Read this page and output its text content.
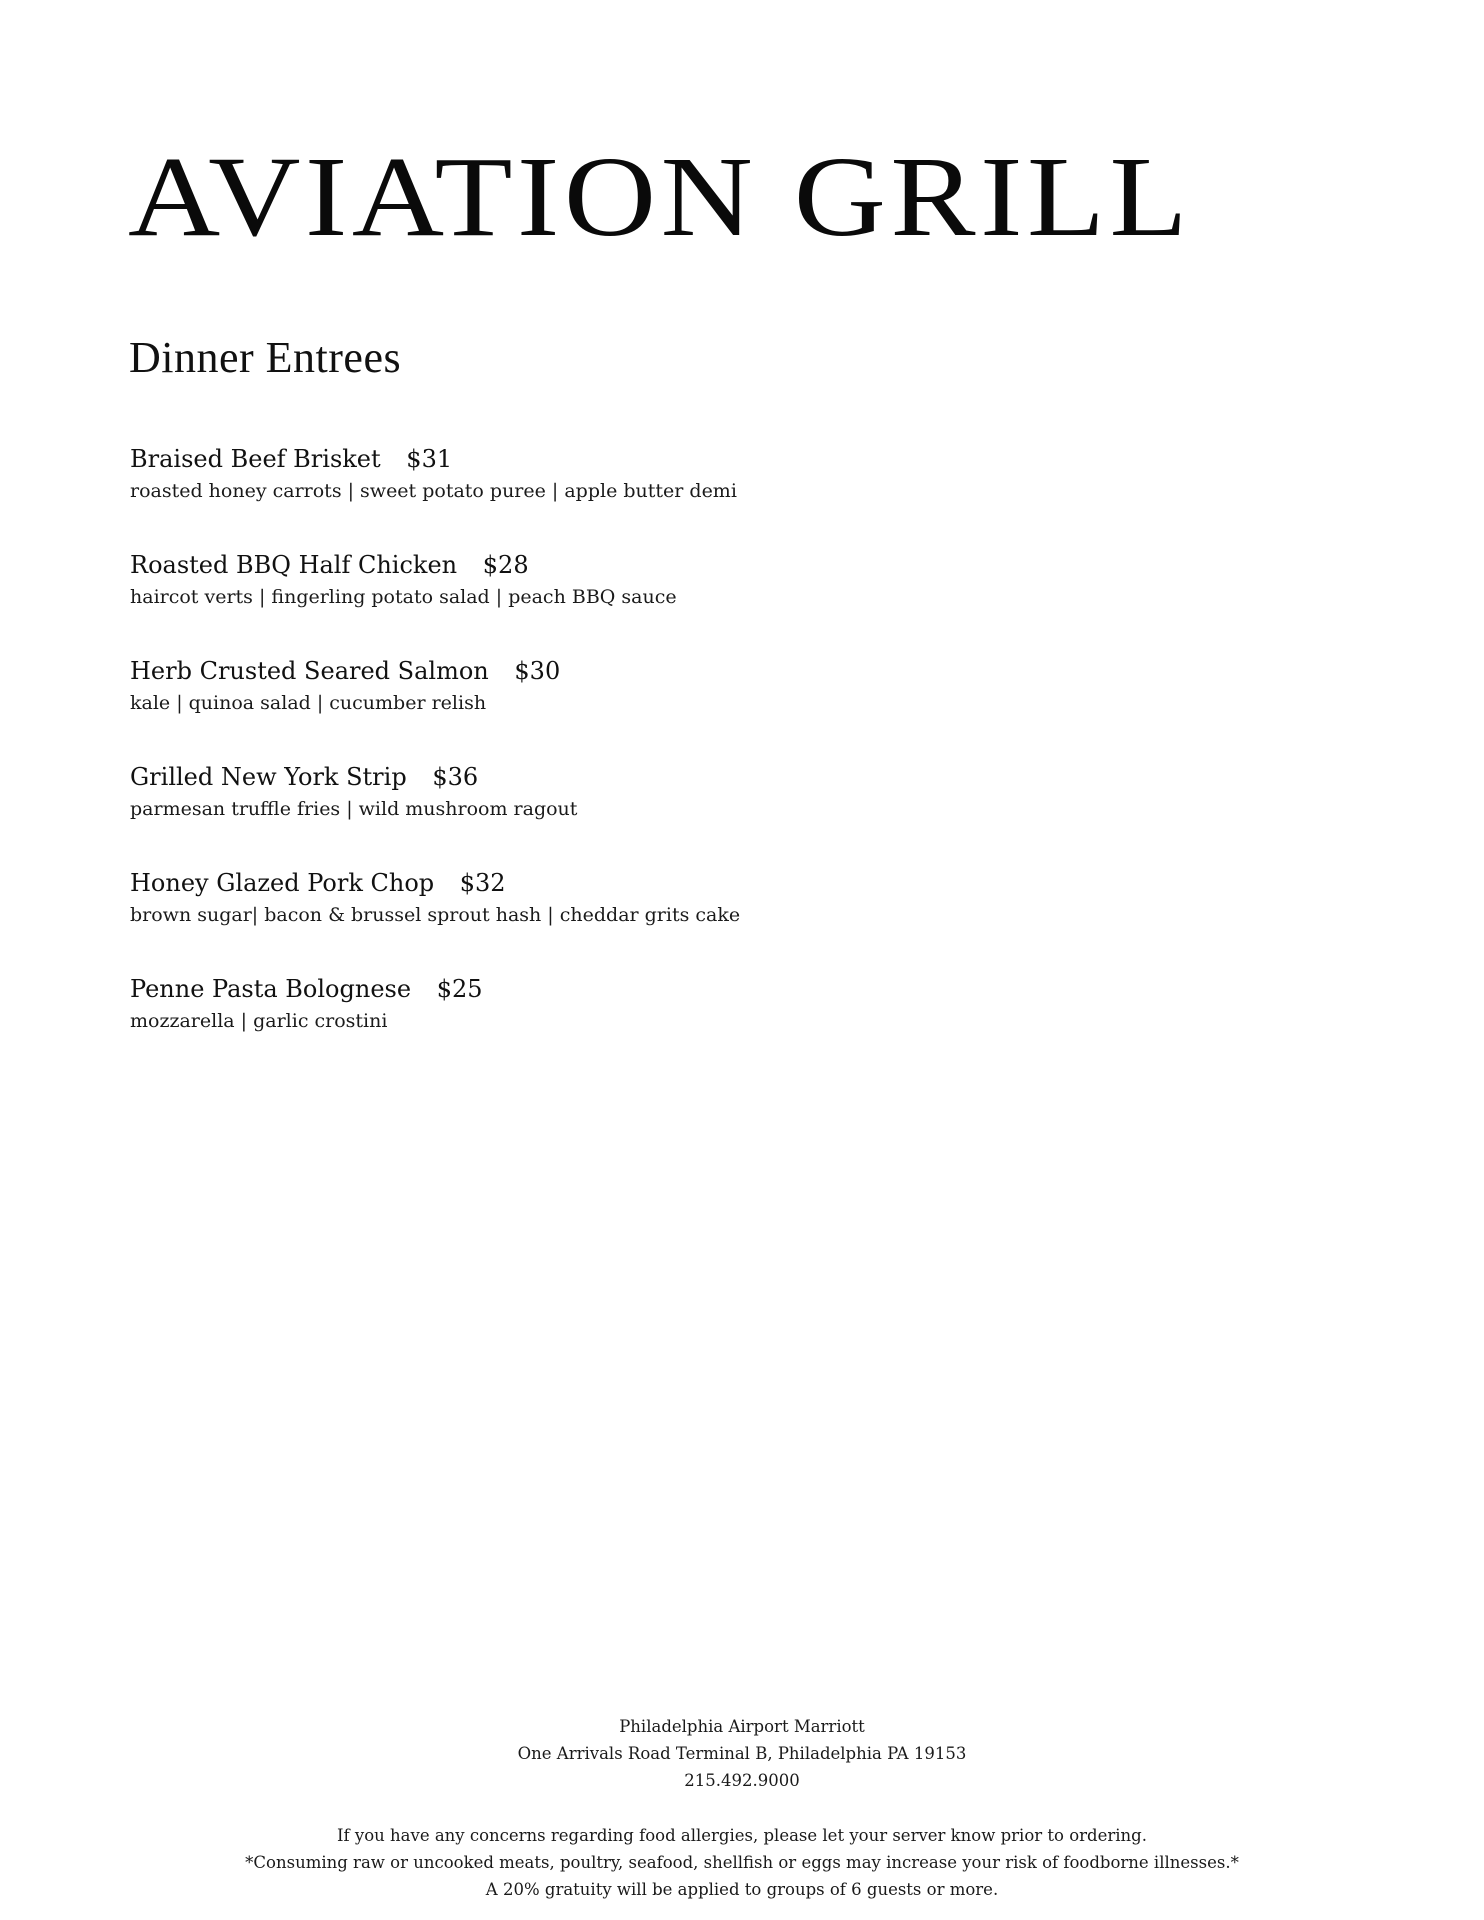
AVIATION GRILL
Dinner Entrees
Braised Beef Brisket $31
roasted honey carrots | sweet potato puree | apple butter demi
Roasted BBQ Half Chicken $28
haircot verts | fingerling potato salad | peach BBQ sauce
Herb Crusted Seared Salmon $30
kale | quinoa salad | cucumber relish
Grilled New York Strip $36
parmesan truffle fries | wild mushroom ragout
Honey Glazed Pork Chop $32
brown sugar| bacon & brussel sprout hash | cheddar grits cake
Penne Pasta Bolognese $25
mozzarella | garlic crostini
Philadelphia Airport Marriott
One Arrivals Road Terminal B, Philadelphia PA 19153
215.492.9000
If you have any concerns regarding food allergies, please let your server know prior to ordering.
*Consuming raw or uncooked meats, poultry, seafood, shellfish or eggs may increase your risk of foodborne illnesses.*
A 20% gratuity will be applied to groups of 6 guests or more.
